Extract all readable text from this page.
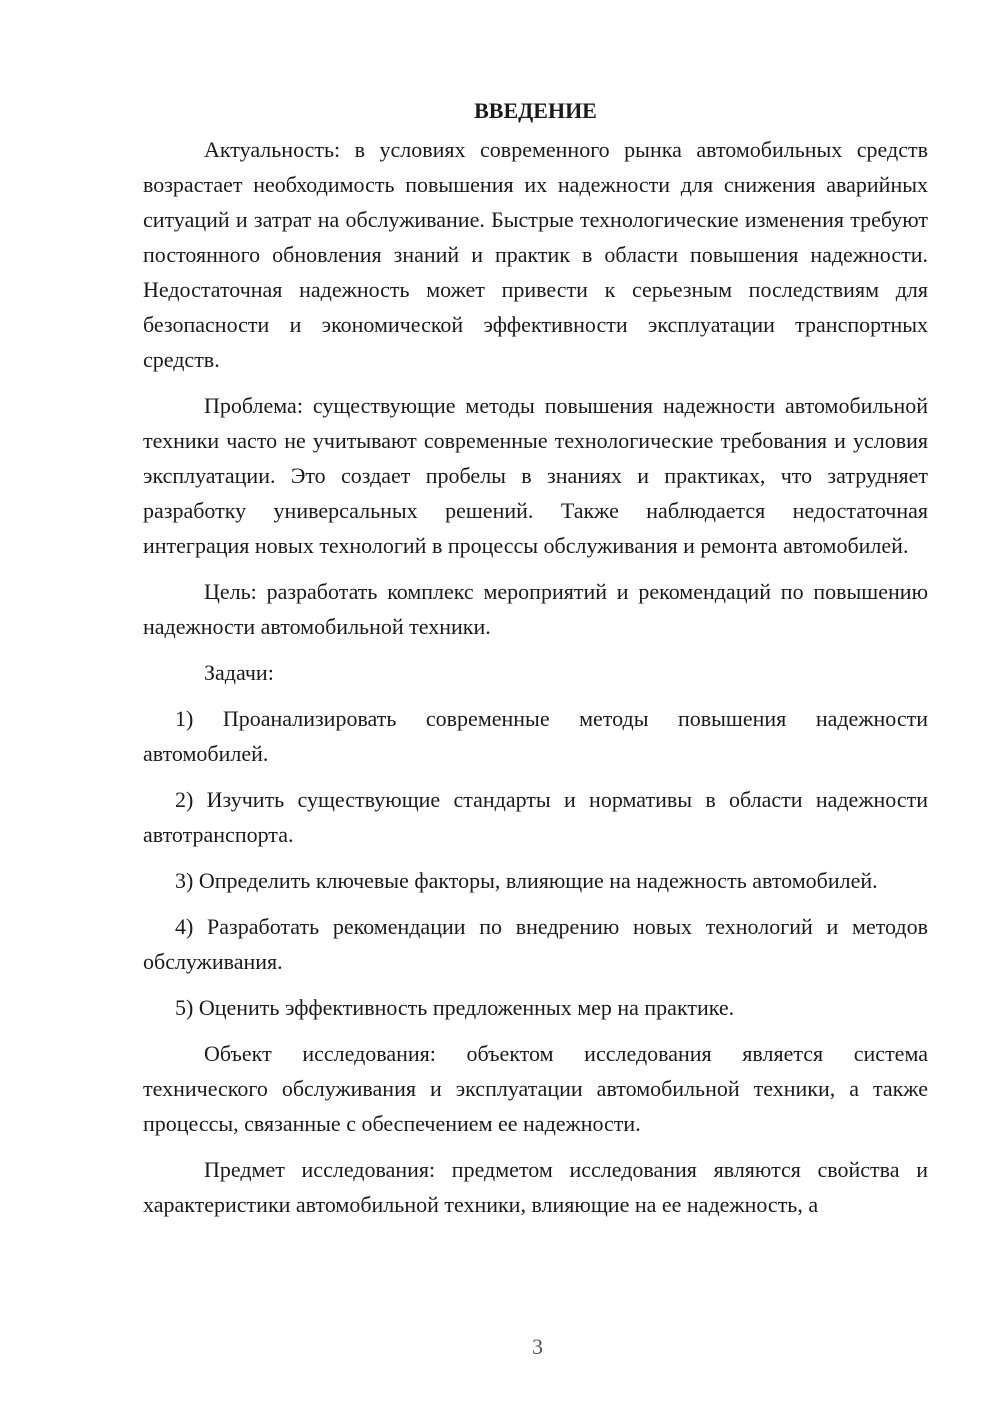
ВВЕДЕНИЕ

Актуальность: в условиях современного рынка автомобильных средств возрастает необходимость повышения их надежности для снижения аварийных ситуаций и затрат на обслуживание. Быстрые технологические изменения требуют постоянного обновления знаний и практик в области повышения надежности. Недостаточная надежность может привести к серьезным последствиям для безопасности и экономической эффективности эксплуатации транспортных средств.

Проблема: существующие методы повышения надежности автомобильной техники часто не учитывают современные технологические требования и условия эксплуатации. Это создает пробелы в знаниях и практиках, что затрудняет разработку универсальных решений. Также наблюдается недостаточная интеграция новых технологий в процессы обслуживания и ремонта автомобилей.

Цель: разработать комплекс мероприятий и рекомендаций по повышению надежности автомобильной техники.

Задачи:

1) Проанализировать современные методы повышения надежности автомобилей.

2) Изучить существующие стандарты и нормативы в области надежности автотранспорта.

3) Определить ключевые факторы, влияющие на надежность автомобилей.

4) Разработать рекомендации по внедрению новых технологий и методов обслуживания.

5) Оценить эффективность предложенных мер на практике.

Объект исследования: объектом исследования является система технического обслуживания и эксплуатации автомобильной техники, а также процессы, связанные с обеспечением ее надежности.

Предмет исследования: предметом исследования являются свойства и характеристики автомобильной техники, влияющие на ее надежность, а

3
